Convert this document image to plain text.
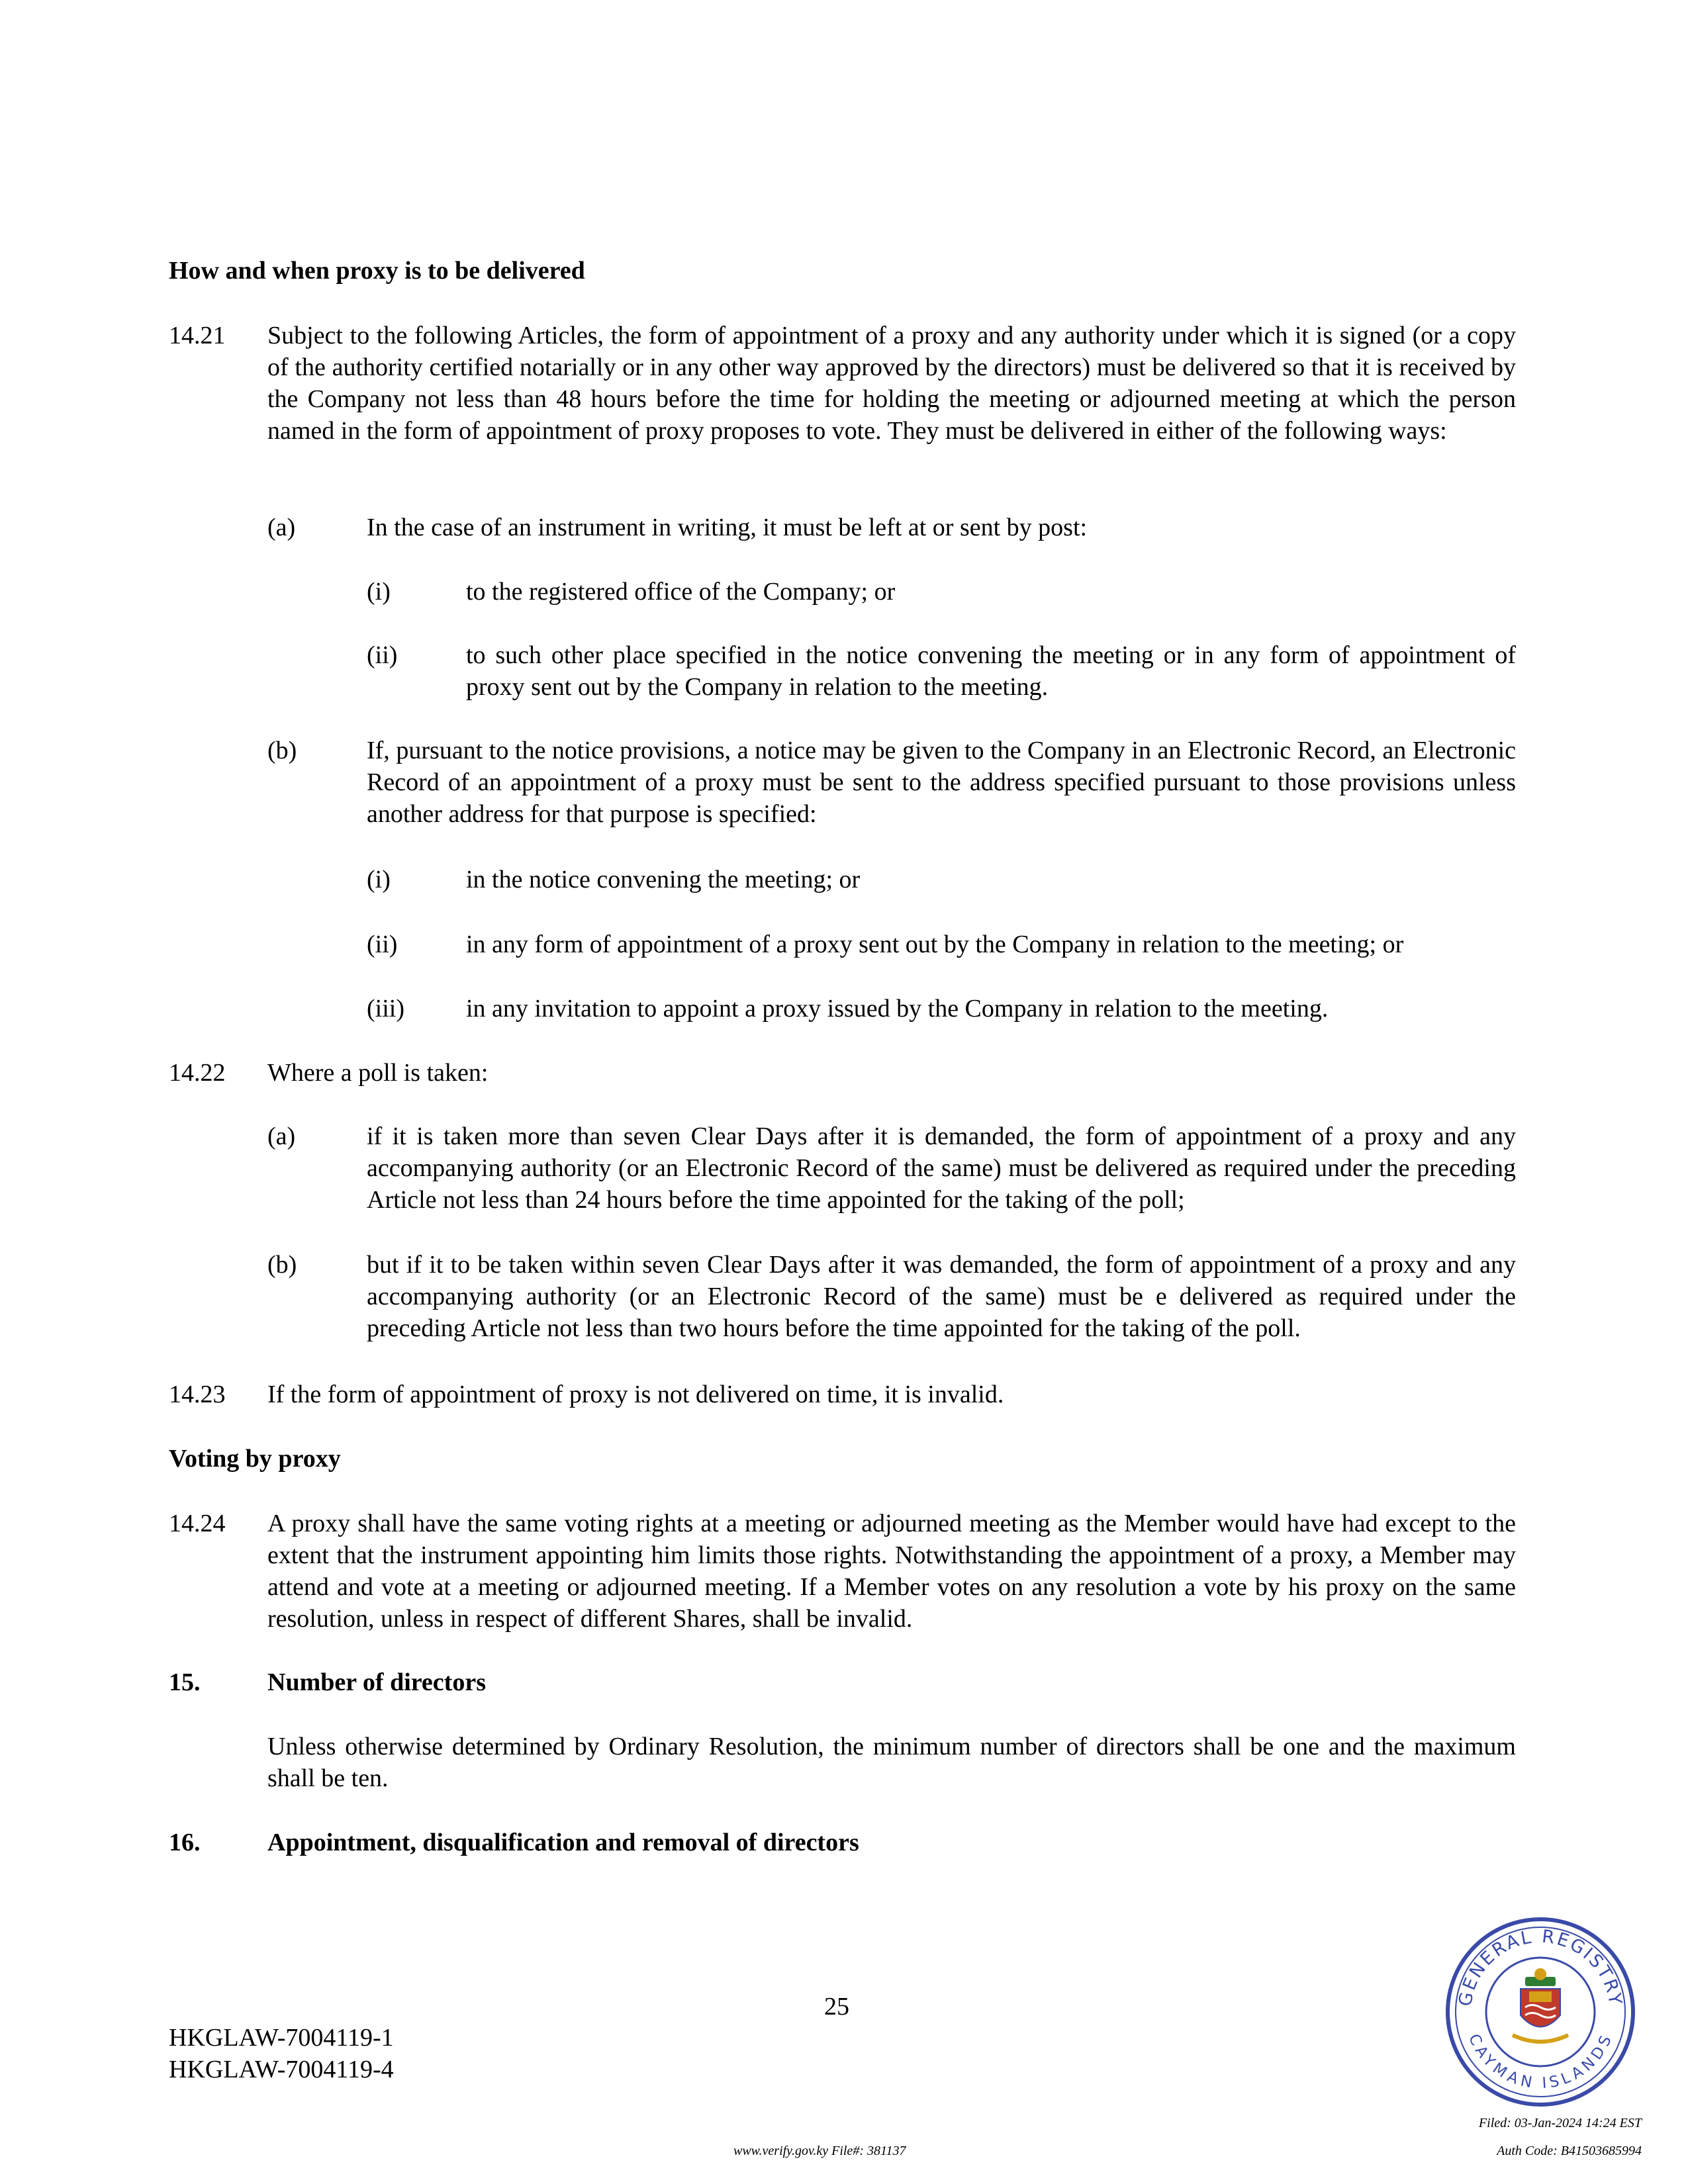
How and when proxy is to be delivered
14.21 Subject to the following Articles, the form of appointment of a proxy and any authority under which it is signed (or a copy of the authority certified notarially or in any other way approved by the directors) must be delivered so that it is received by the Company not less than 48 hours before the time for holding the meeting or adjourned meeting at which the person named in the form of appointment of proxy proposes to vote. They must be delivered in either of the following ways:
(a)	In the case of an instrument in writing, it must be left at or sent by post:
(i)	to the registered office of the Company; or
(ii)	to such other place specified in the notice convening the meeting or in any form of appointment of proxy sent out by the Company in relation to the meeting.
(b)	If, pursuant to the notice provisions, a notice may be given to the Company in an Electronic Record, an Electronic Record of an appointment of a proxy must be sent to the address specified pursuant to those provisions unless another address for that purpose is specified:
(i)	in the notice convening the meeting; or
(ii)	in any form of appointment of a proxy sent out by the Company in relation to the meeting; or
(iii) in any invitation to appoint a proxy issued by the Company in relation to the meeting.
14.22 Where a poll is taken:
(a)	if it is taken more than seven Clear Days after it is demanded, the form of appointment of a proxy and any accompanying authority (or an Electronic Record of the same) must be delivered as required under the preceding Article not less than 24 hours before the time appointed for the taking of the poll;
(b)	but if it to be taken within seven Clear Days after it was demanded, the form of appointment of a proxy and any accompanying authority (or an Electronic Record of the same) must be e delivered as required under the preceding Article not less than two hours before the time appointed for the taking of the poll.
14.23 If the form of appointment of proxy is not delivered on time, it is invalid.
Voting by proxy
14.24 A proxy shall have the same voting rights at a meeting or adjourned meeting as the Member would have had except to the extent that the instrument appointing him limits those rights. Notwithstanding the appointment of a proxy, a Member may attend and vote at a meeting or adjourned meeting. If a Member votes on any resolution a vote by his proxy on the same resolution, unless in respect of different Shares, shall be invalid.
15.	Number of directors
Unless otherwise determined by Ordinary Resolution, the minimum number of directors shall be one and the maximum shall be ten.
16.	Appointment, disqualification and removal of directors
25
HKGLAW-7004119-1
HKGLAW-7004119-4
www.verify.gov.ky File#: 381137
Filed: 03-Jan-2024 14:24 EST
Auth Code: B41503685994
GENERAL REGISTRY
CAYMAN ISLANDS
